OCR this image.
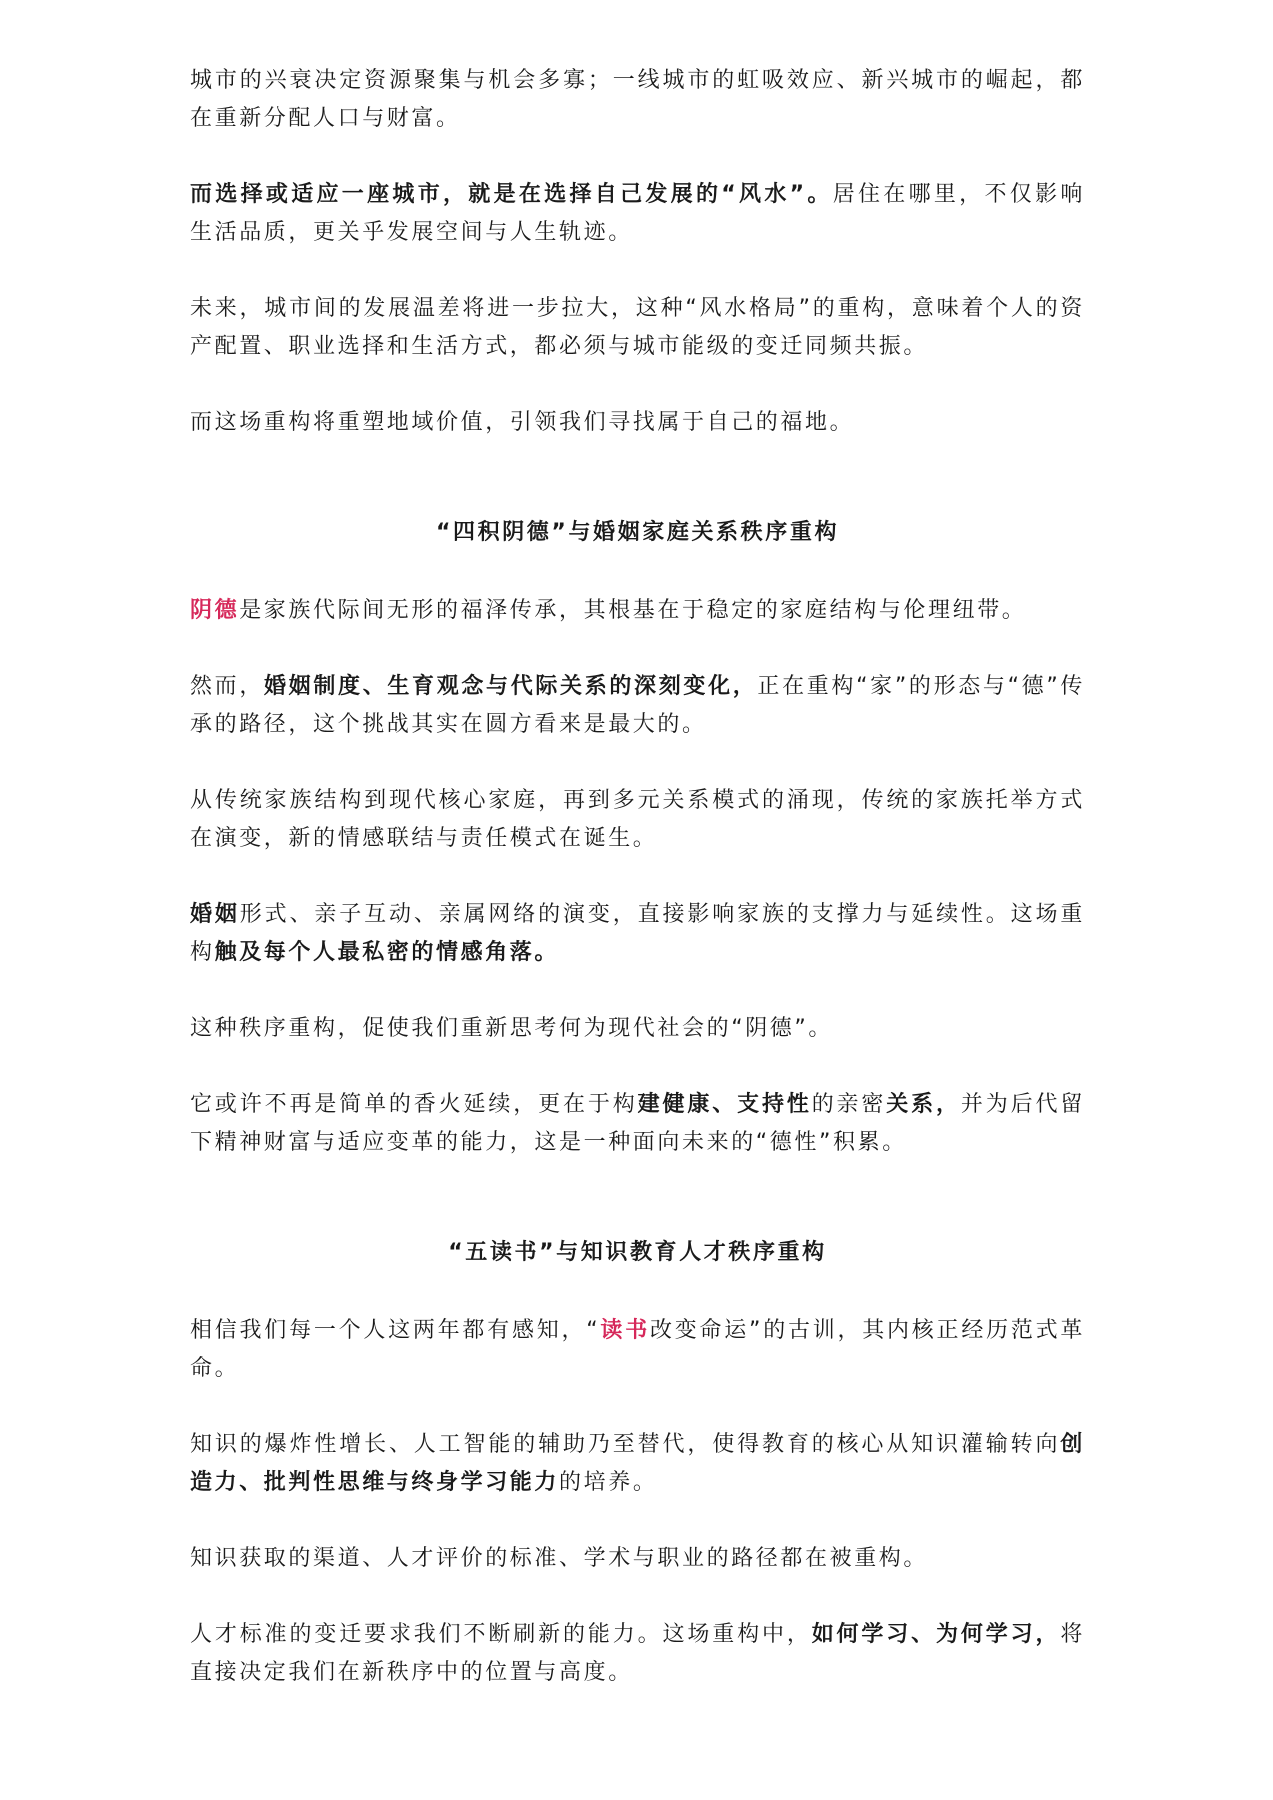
城市的兴衰决定资源聚集与机会多寡；一线城市的虹吸效应、新兴城市的崛起，都在重新分配人口与财富。

而选择或适应一座城市，就是在选择自己发展的“风水”。居住在哪里，不仅影响生活品质，更关乎发展空间与人生轨迹。

未来，城市间的发展温差将进一步拉大，这种“风水格局”的重构，意味着个人的资产配置、职业选择和生活方式，都必须与城市能级的变迁同频共振。

而这场重构将重塑地域价值，引领我们寻找属于自己的福地。

“四积阴德”与婚姻家庭关系秩序重构

阴德是家族代际间无形的福泽传承，其根基在于稳定的家庭结构与伦理纽带。

然而，婚姻制度、生育观念与代际关系的深刻变化，正在重构“家”的形态与“德”传承的路径，这个挑战其实在圆方看来是最大的。

从传统家族结构到现代核心家庭，再到多元关系模式的涌现，传统的家族托举方式在演变，新的情感联结与责任模式在诞生。

婚姻形式、亲子互动、亲属网络的演变，直接影响家族的支撑力与延续性。这场重构触及每个人最私密的情感角落。

这种秩序重构，促使我们重新思考何为现代社会的“阴德”。

它或许不再是简单的香火延续，更在于构建健康、支持性的亲密关系，并为后代留下精神财富与适应变革的能力，这是一种面向未来的“德性”积累。

“五读书”与知识教育人才秩序重构

相信我们每一个人这两年都有感知，“读书改变命运”的古训，其内核正经历范式革命。

知识的爆炸性增长、人工智能的辅助乃至替代，使得教育的核心从知识灌输转向创造力、批判性思维与终身学习能力的培养。

知识获取的渠道、人才评价的标准、学术与职业的路径都在被重构。

人才标准的变迁要求我们不断刷新的能力。这场重构中，如何学习、为何学习，将直接决定我们在新秩序中的位置与高度。
